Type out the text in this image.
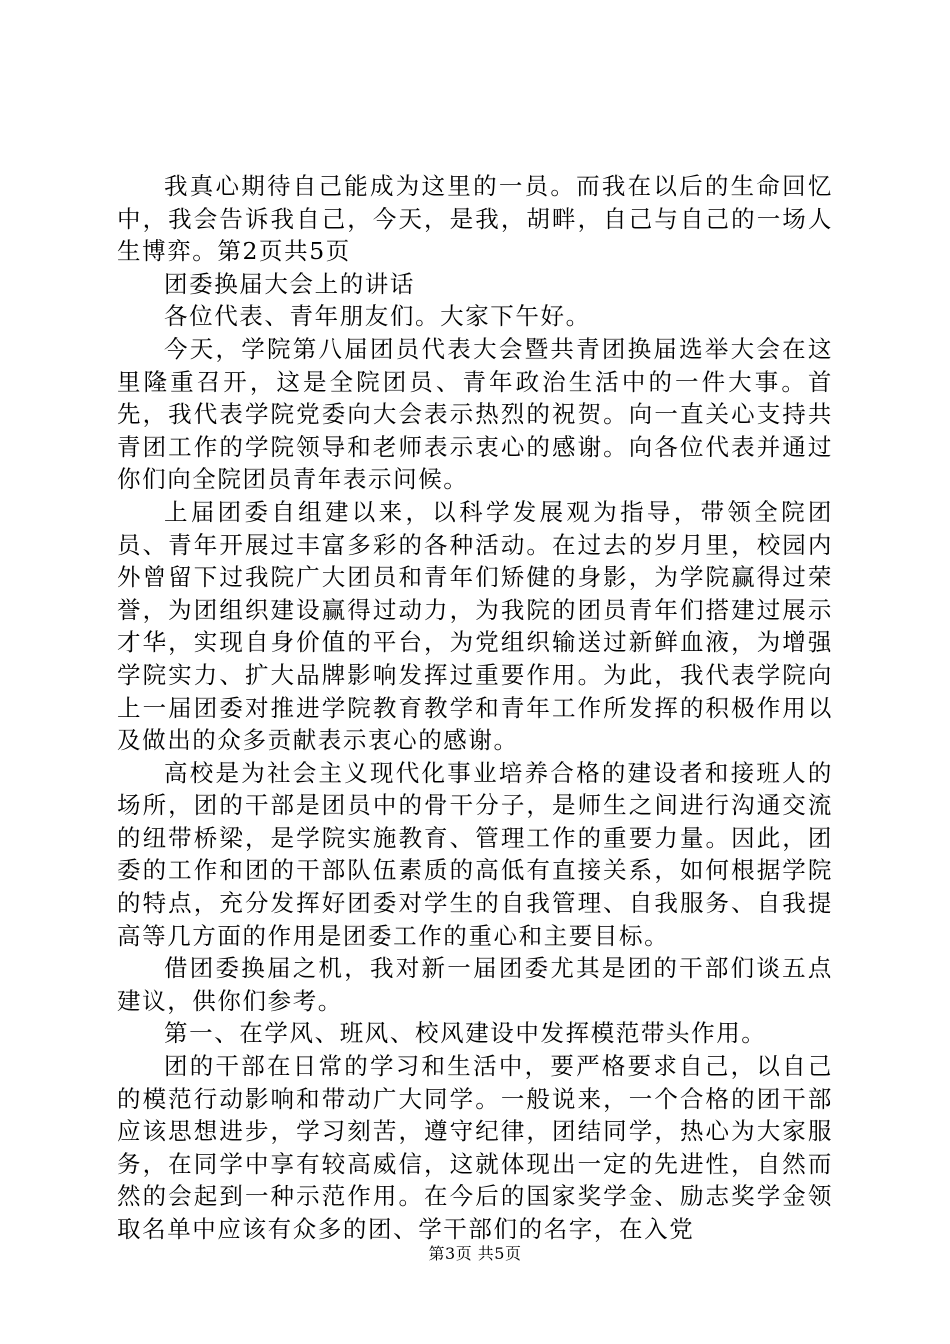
我真心期待自己能成为这里的一员。而我在以后的生命回忆中，我会告诉我自己，今天，是我，胡畔，自己与自己的一场人生博弈。第2页共5页

团委换届大会上的讲话

各位代表、青年朋友们。大家下午好。

今天，学院第八届团员代表大会暨共青团换届选举大会在这里隆重召开，这是全院团员、青年政治生活中的一件大事。首先，我代表学院党委向大会表示热烈的祝贺。向一直关心支持共青团工作的学院领导和老师表示衷心的感谢。向各位代表并通过你们向全院团员青年表示问候。

上届团委自组建以来，以科学发展观为指导，带领全院团员、青年开展过丰富多彩的各种活动。在过去的岁月里，校园内外曾留下过我院广大团员和青年们矫健的身影，为学院赢得过荣誉，为团组织建设赢得过动力，为我院的团员青年们搭建过展示才华，实现自身价值的平台，为党组织输送过新鲜血液，为增强学院实力、扩大品牌影响发挥过重要作用。为此，我代表学院向上一届团委对推进学院教育教学和青年工作所发挥的积极作用以及做出的众多贡献表示衷心的感谢。

高校是为社会主义现代化事业培养合格的建设者和接班人的场所，团的干部是团员中的骨干分子，是师生之间进行沟通交流的纽带桥梁，是学院实施教育、管理工作的重要力量。因此，团委的工作和团的干部队伍素质的高低有直接关系，如何根据学院的特点，充分发挥好团委对学生的自我管理、自我服务、自我提高等几方面的作用是团委工作的重心和主要目标。

借团委换届之机，我对新一届团委尤其是团的干部们谈五点建议，供你们参考。

第一、在学风、班风、校风建设中发挥模范带头作用。

团的干部在日常的学习和生活中，要严格要求自己，以自己的模范行动影响和带动广大同学。一般说来，一个合格的团干部应该思想进步，学习刻苦，遵守纪律，团结同学，热心为大家服务，在同学中享有较高威信，这就体现出一定的先进性，自然而然的会起到一种示范作用。在今后的国家奖学金、励志奖学金领取名单中应该有众多的团、学干部们的名字，在入党

第3页 共5页
